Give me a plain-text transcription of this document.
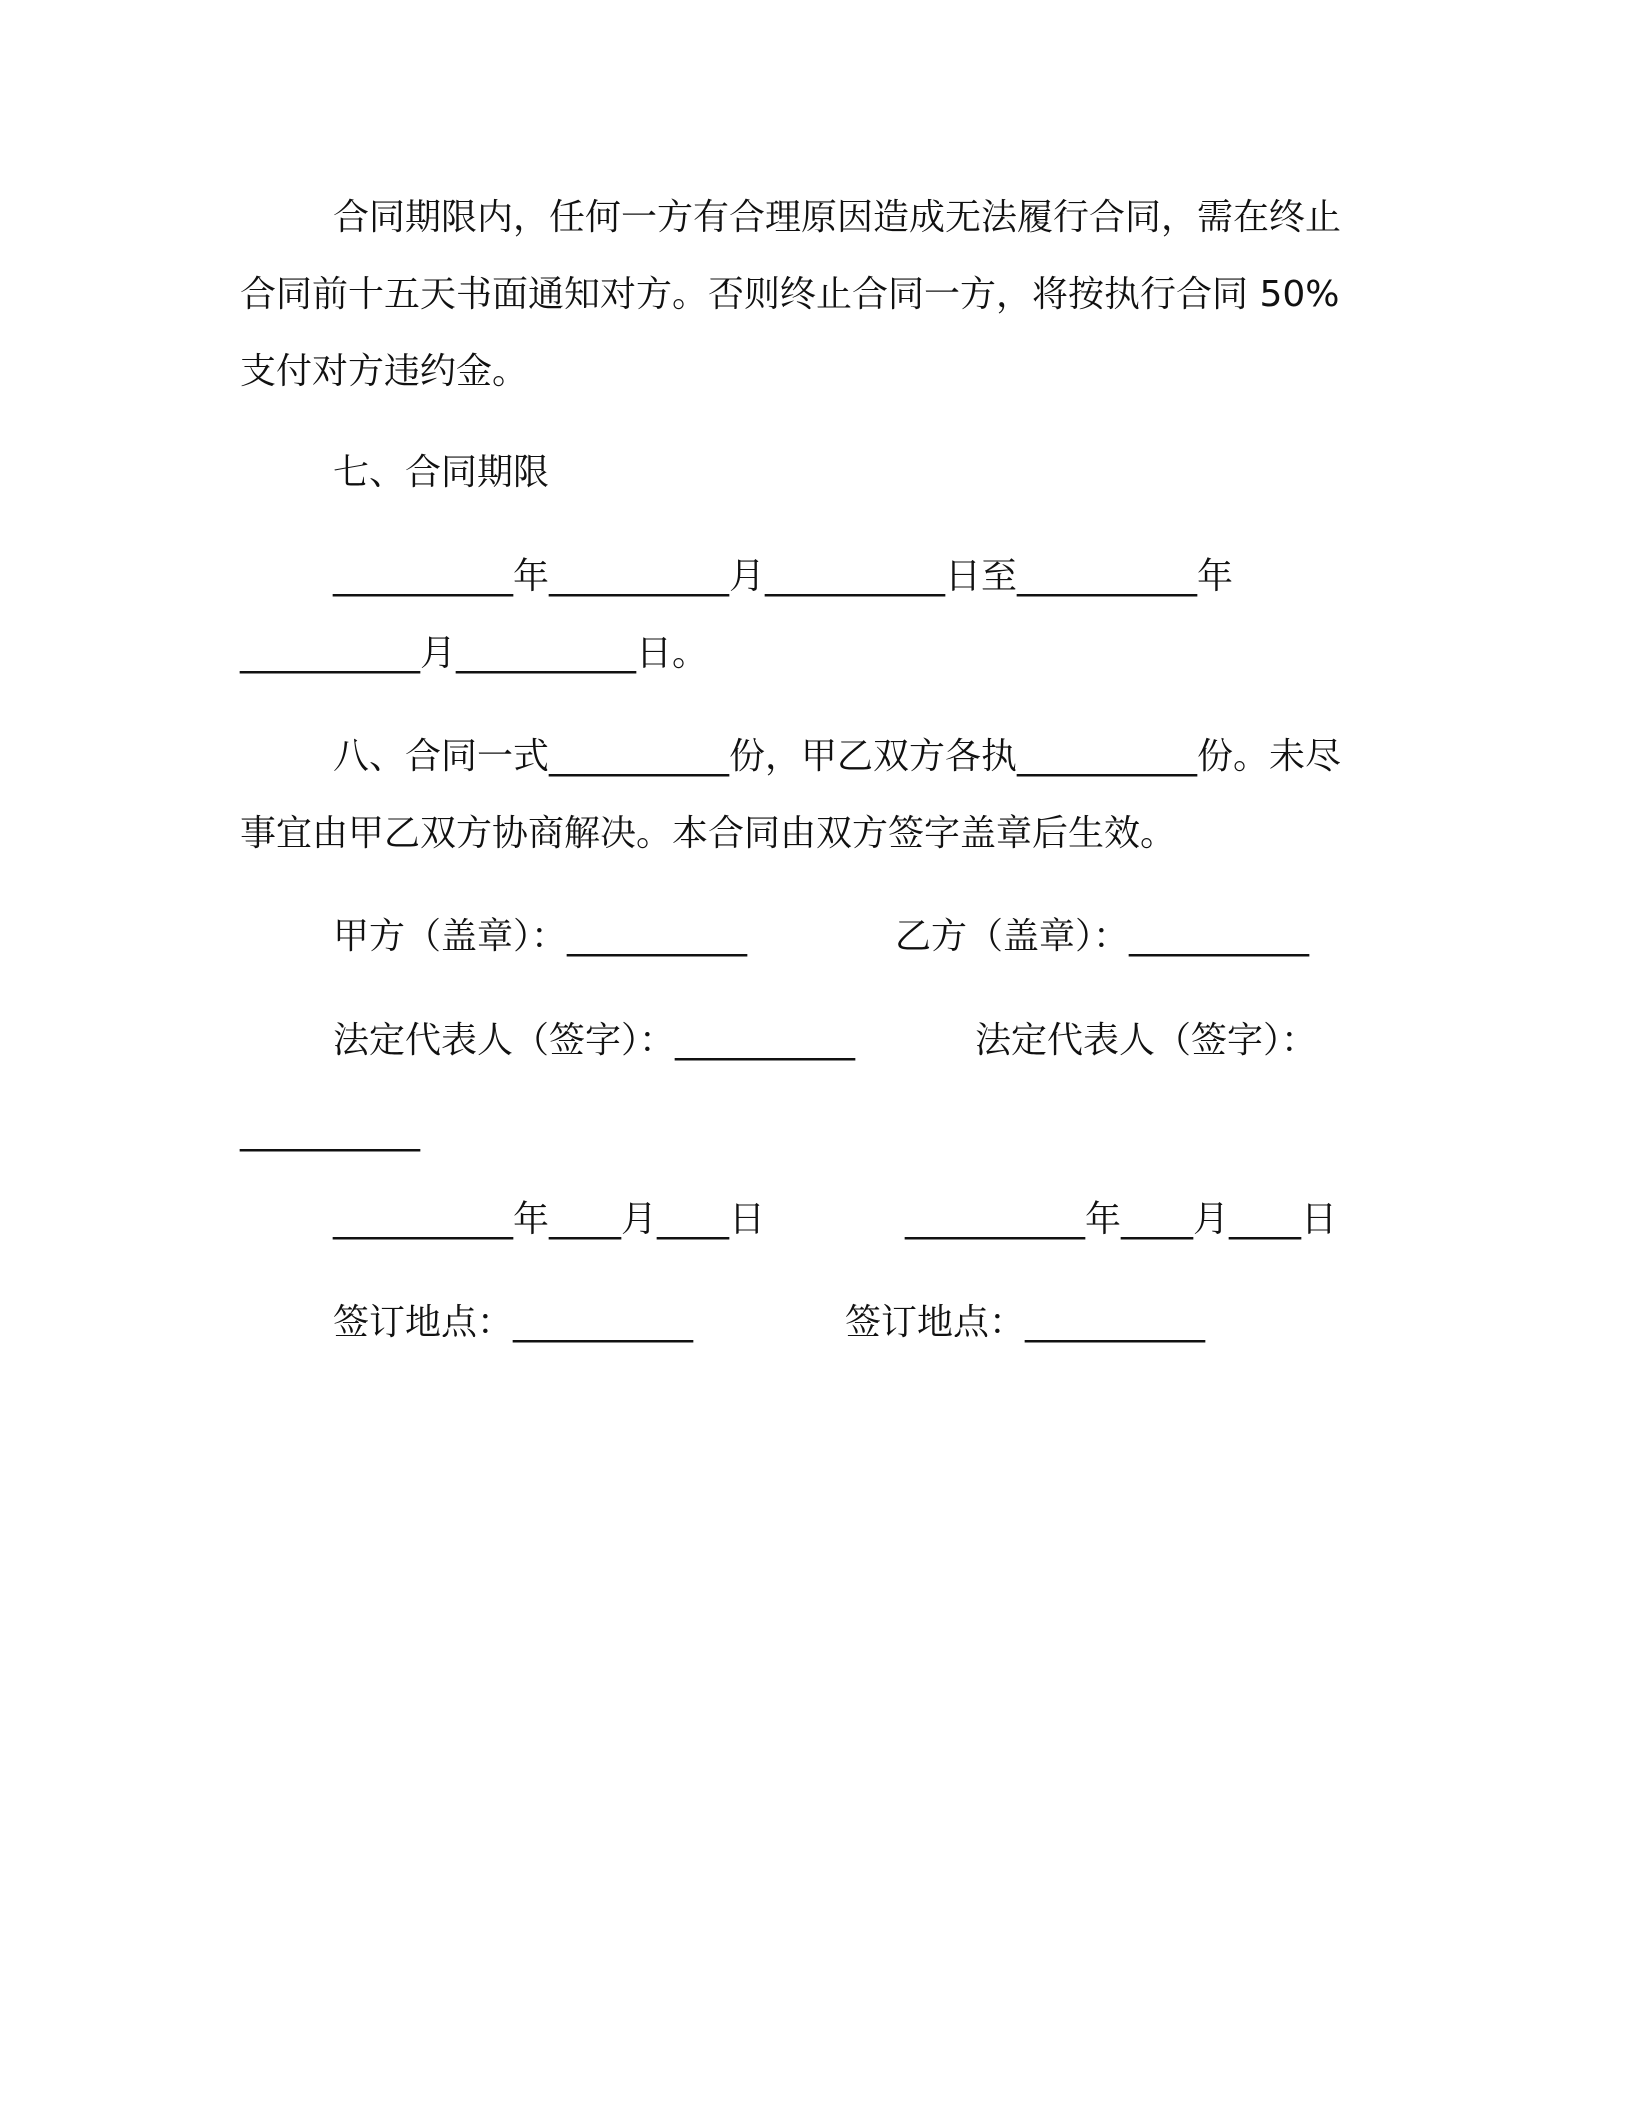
合同期限内，任何一方有合理原因造成无法履行合同，需在终止
合同前十五天书面通知对方。否则终止合同一方，将按执行合同 50%
支付对方违约金。
七、合同期限
__________年__________月__________日至__________年
__________月__________日。
八、合同一式__________份，甲乙双方各执__________份。未尽
事宜由甲乙双方协商解决。本合同由双方签字盖章后生效。
甲方（盖章）：__________	乙方（盖章）：__________
法定代表人（签字）：__________	法定代表人（签字）：
__________
__________年____月____日	__________年____月____日
签订地点：__________	签订地点：__________
